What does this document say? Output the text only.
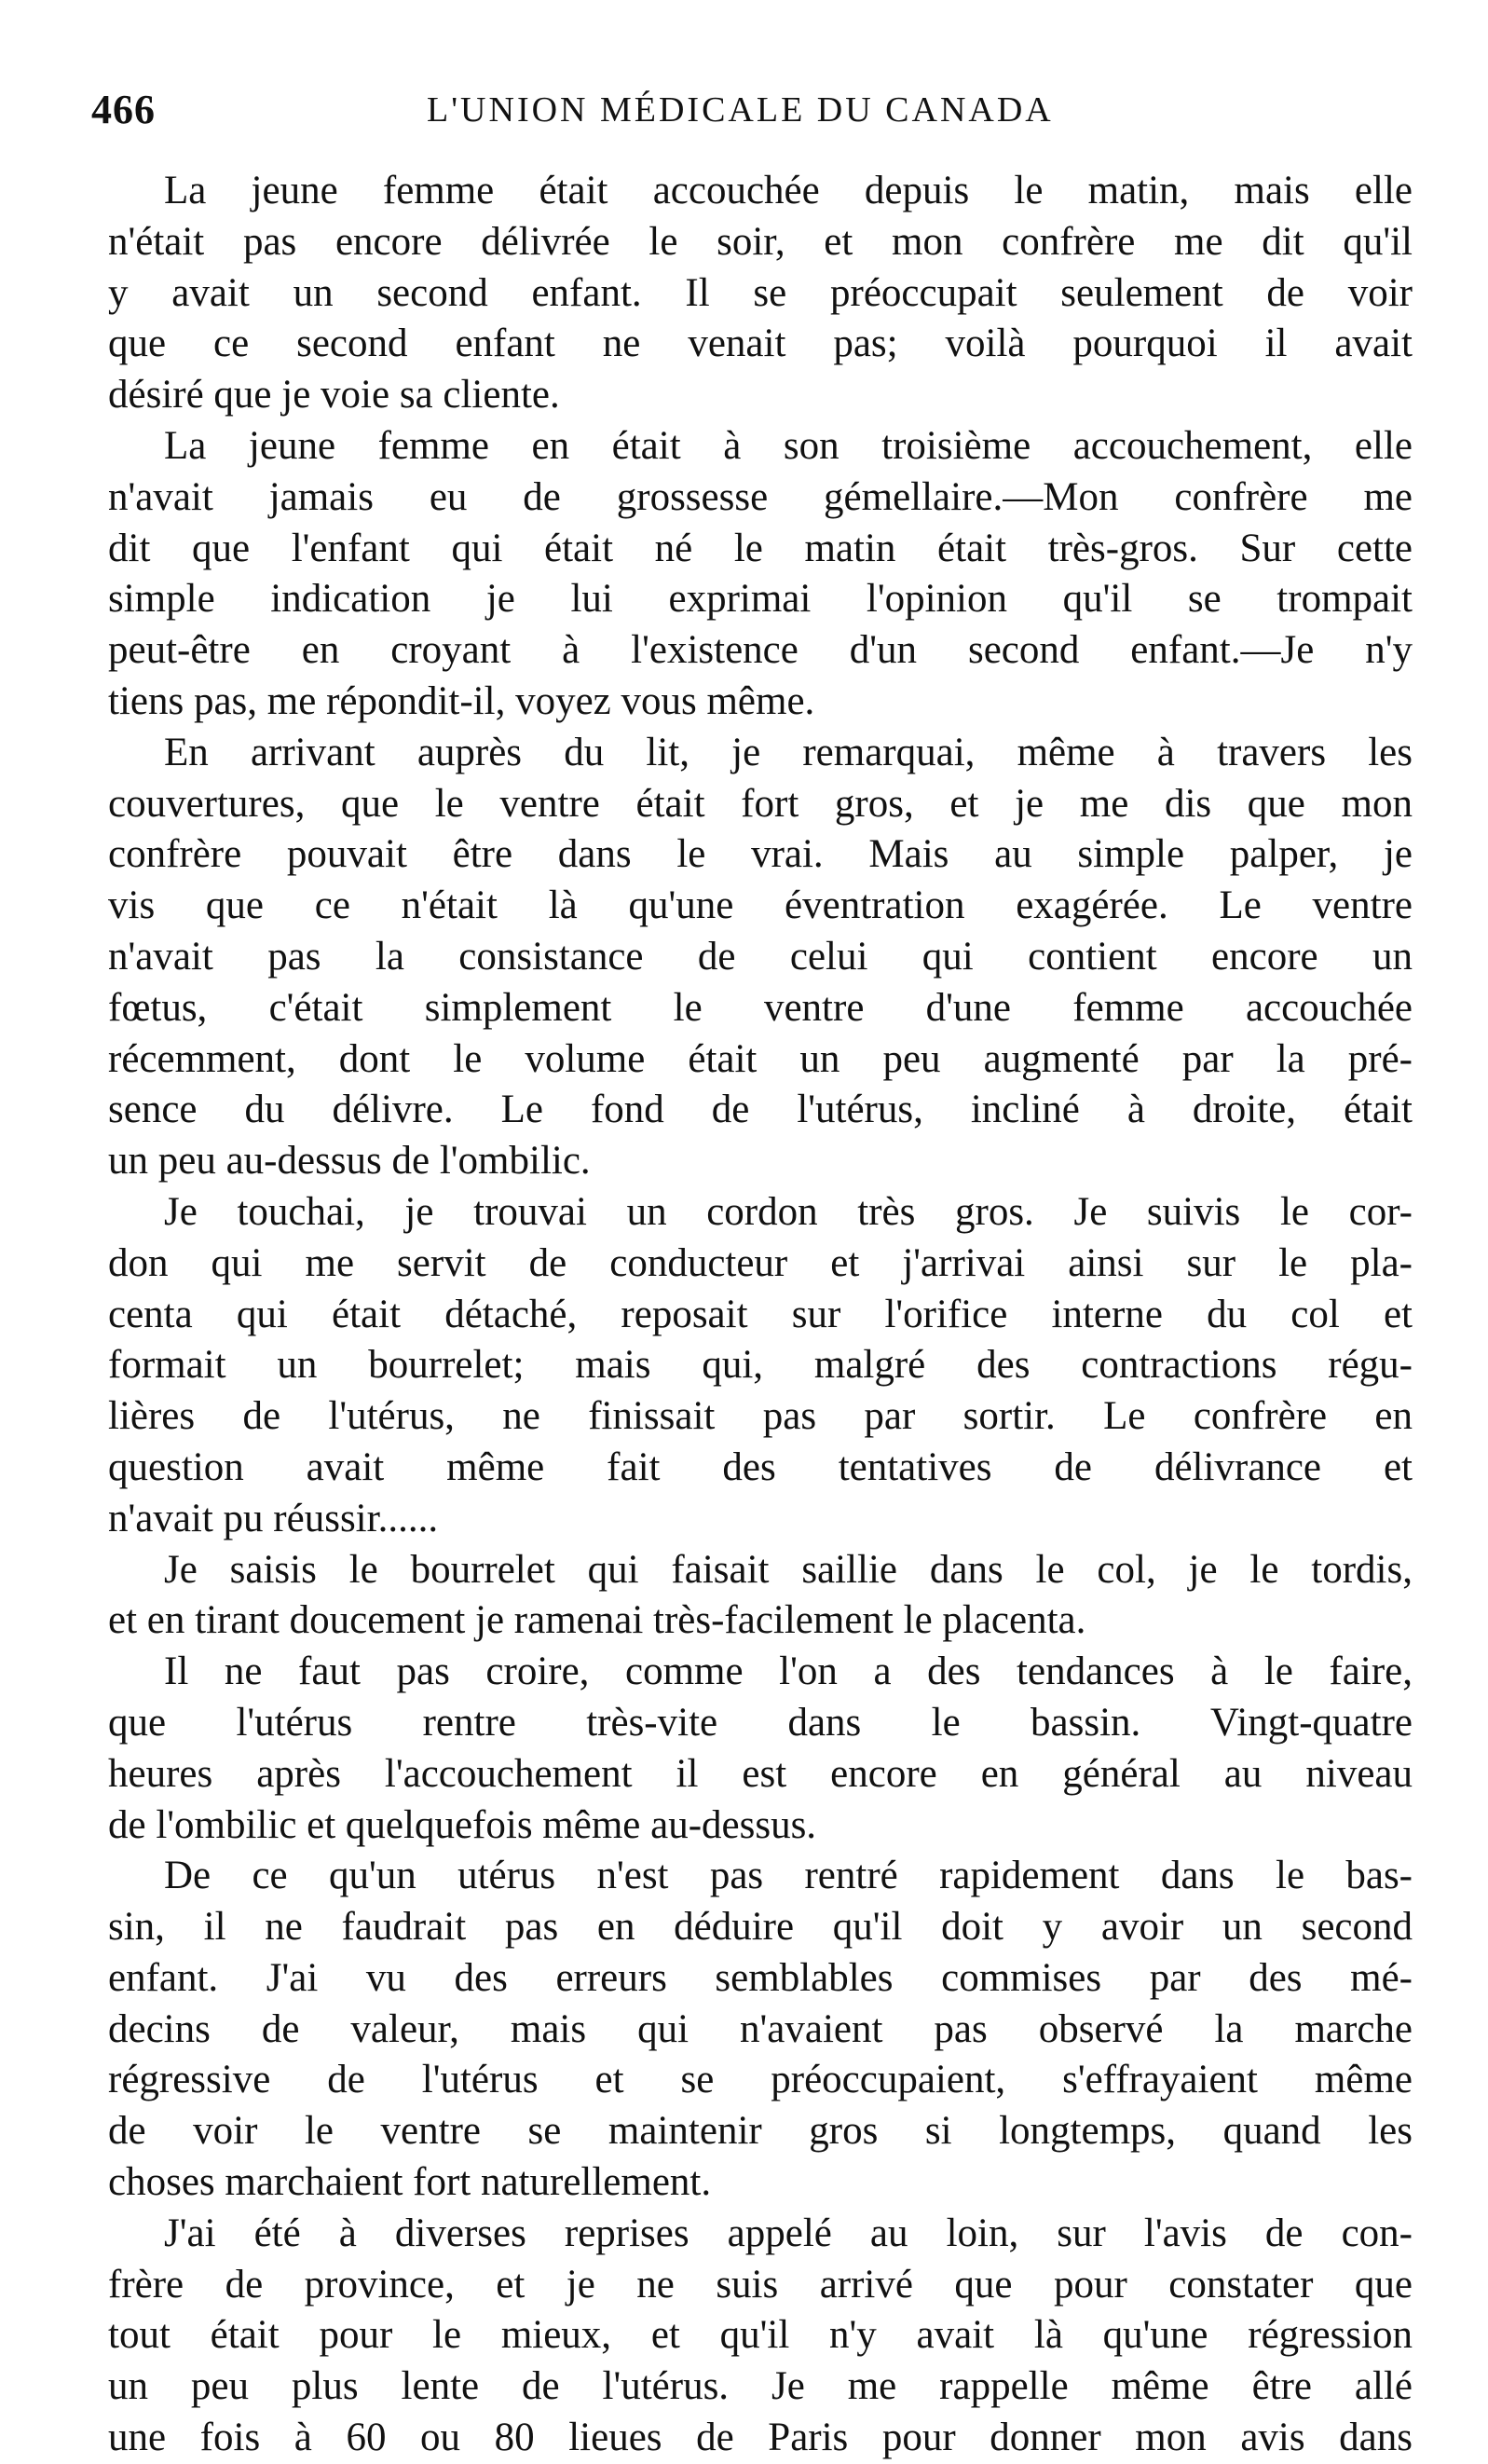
466	L'UNION MÉDICALE DU CANADA
La jeune femme était accouchée depuis le matin, mais elle
n'était pas encore délivrée le soir, et mon confrère me dit qu'il
y avait un second enfant. Il se préoccupait seulement de voir
que ce second enfant ne venait pas; voilà pourquoi il avait
désiré que je voie sa cliente.
La jeune femme en était à son troisième accouchement, elle
n'avait jamais eu de grossesse gémellaire.—Mon confrère me
dit que l'enfant qui était né le matin était très-gros. Sur cette
simple indication je lui exprimai l'opinion qu'il se trompait
peut-être en croyant à l'existence d'un second enfant.—Je n'y
tiens pas, me répondit-il, voyez vous même.
En arrivant auprès du lit, je remarquai, même à travers les
couvertures, que le ventre était fort gros, et je me dis que mon
confrère pouvait être dans le vrai. Mais au simple palper, je
vis que ce n'était là qu'une éventration exagérée. Le ventre
n'avait pas la consistance de celui qui contient encore un
fœtus, c'était simplement le ventre d'une femme accouchée
récemment, dont le volume était un peu augmenté par la pré-
sence du délivre. Le fond de l'utérus, incliné à droite, était
un peu au-dessus de l'ombilic.
Je touchai, je trouvai un cordon très gros. Je suivis le cor-
don qui me servit de conducteur et j'arrivai ainsi sur le pla-
centa qui était détaché, reposait sur l'orifice interne du col et
formait un bourrelet; mais qui, malgré des contractions régu-
lières de l'utérus, ne finissait pas par sortir. Le confrère en
question avait même fait des tentatives de délivrance et
n'avait pu réussir......
Je saisis le bourrelet qui faisait saillie dans le col, je le tordis,
et en tirant doucement je ramenai très-facilement le placenta.
Il ne faut pas croire, comme l'on a des tendances à le faire,
que l'utérus rentre très-vite dans le bassin. Vingt-quatre
heures après l'accouchement il est encore en général au niveau
de l'ombilic et quelquefois même au-dessus.
De ce qu'un utérus n'est pas rentré rapidement dans le bas-
sin, il ne faudrait pas en déduire qu'il doit y avoir un second
enfant. J'ai vu des erreurs semblables commises par des mé-
decins de valeur, mais qui n'avaient pas observé la marche
régressive de l'utérus et se préoccupaient, s'effrayaient même
de voir le ventre se maintenir gros si longtemps, quand les
choses marchaient fort naturellement.
J'ai été à diverses reprises appelé au loin, sur l'avis de con-
frère de province, et je ne suis arrivé que pour constater que
tout était pour le mieux, et qu'il n'y avait là qu'une régression
un peu plus lente de l'utérus. Je me rappelle même être allé
une fois à 60 ou 80 lieues de Paris pour donner mon avis dans
